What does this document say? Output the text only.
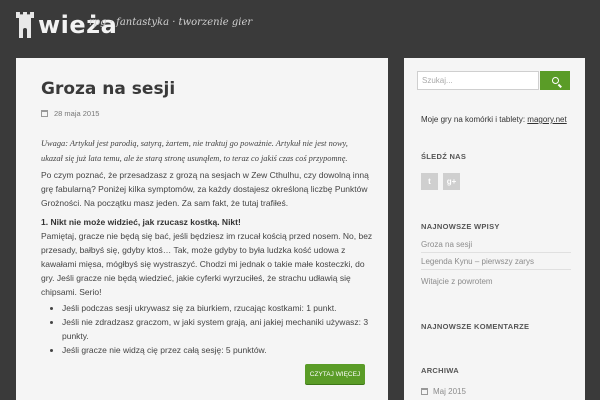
wieża
rpg · fantastyka · tworzenie gier
Groza na sesji
28 maja 2015
Uwaga: Artykuł jest parodią, satyrą, żartem, nie traktuj go poważnie. Artykuł nie jest nowy, ukazał się już lata temu, ale że starą stronę usunąłem, to teraz co jakiś czas coś przypomnę.
Po czym poznać, że przesadzasz z grozą na sesjach w Zew Cthulhu, czy dowolną inną grę fabularną? Poniżej kilka symptomów, za każdy dostajesz określoną liczbę Punktów Grożności. Na początku masz jeden. Za sam fakt, że tutaj trafiłeś.
1. Nikt nie może widzieć, jak rzucasz kostką. Nikt!
Pamiętaj, gracze nie będą się bać, jeśli będziesz im rzucał kością przed nosem. No, bez przesady, bałbyś się, gdyby ktoś… Tak, może gdyby to była ludzka kość udowa z kawałami mięsa, mógłbyś się wystraszyć. Chodzi mi jednak o takie małe kosteczki, do gry. Jeśli gracze nie będą wiedzieć, jakie cyferki wyrzuciłeś, że strachu udławią się chipsami. Serio!
• Jeśli podczas sesji ukrywasz się za biurkiem, rzucając kostkami: 1 punkt.
• Jeśli nie zdradzasz graczom, w jaki system grają, ani jakiej mechaniki używasz: 3 punkty.
• Jeśli gracze nie widzą cię przez całą sesję: 5 punktów.
CZYTAJ WIĘCEJ
Szukaj...
Moje gry na komórki i tablety: magory.net
ŚLEDŹ NAS
t	g+
NAJNOWSZE WPISY
Groza na sesji
Legenda Kynu – pierwszy zarys
Witajcie z powrotem
NAJNOWSZE KOMENTARZE
ARCHIWA
Maj 2015
